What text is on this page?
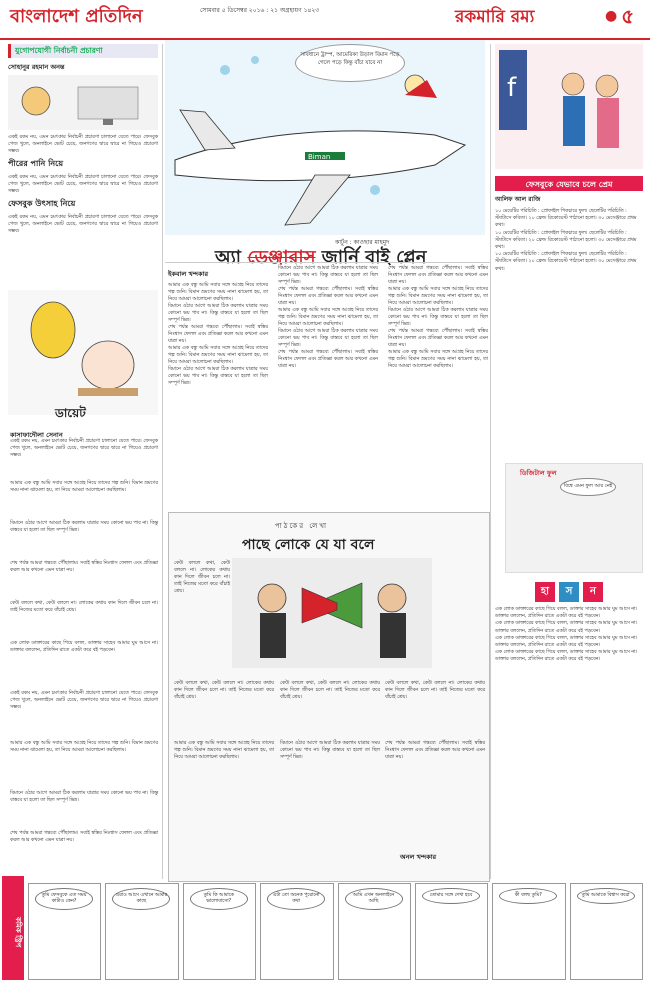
বাংলাদেশ প্রতিদিন	সোমবার ৫ ডিসেম্বর ২০১৬ : ২১ অগ্রহায়ণ ১৪২৩	রকমারি রম্য	● ৫
যুগোপযোগী নির্বাচনী প্রচারণা
সোহানুর রহমান অনন্ত
একই রকম নয়, এমন চমৎকার নির্বাচনী প্রচারণা চালানো যেতে পারে। ফেসবুক পেজ খুলে, অনলাইনে ভোট চেয়ে, জনগণের দ্বারে দ্বারে না গিয়েও প্রচারণা সম্ভব।
পীরের পানি নিয়ে
একই রকম নয়, এমন চমৎকার নির্বাচনী প্রচারণা চালানো যেতে পারে। ফেসবুক পেজ খুলে, অনলাইনে ভোট চেয়ে, জনগণের দ্বারে দ্বারে না গিয়েও প্রচারণা সম্ভব।
ফেসবুক উৎসাহ নিয়ে
একই রকম নয়, এমন চমৎকার নির্বাচনী প্রচারণা চালানো যেতে পারে। ফেসবুক পেজ খুলে, অনলাইনে ভোট চেয়ে, জনগণের দ্বারে দ্বারে না গিয়েও প্রচারণা সম্ভব।
ডায়েট
কাসাফাদৌলা সেনান
একই রকম নয়, এমন চমৎকার নির্বাচনী প্রচারণা চালানো যেতে পারে। ফেসবুক পেজ খুলে, অনলাইনে ভোট চেয়ে, জনগণের দ্বারে দ্বারে না গিয়েও প্রচারণা সম্ভব।
আমার এক বন্ধু আমি সবার সঙ্গে আগ্রহ নিয়ে তাদের গল্প শুনি। বিমান ভ্রমণের সময় নানা ঝামেলা হয়, তা নিয়ে আমরা আলোচনা করছিলাম।
বিমানে ওঠার আগে আমরা ঠিক করলাম যাত্রার সময় কোনো ভয় পাব না। কিন্তু বাস্তবে যা হলো তা ছিল সম্পূর্ণ ভিন্ন।
শেষ পর্যন্ত আমরা গন্তব্যে পৌঁছালাম। সবাই স্বস্তির নিঃশ্বাস ফেলল এবং প্রতিজ্ঞা করল আর কখনো এমন যাত্রা নয়।
কেউ বললে কথা, কেউ বললে না। লোকের কথায় কান দিলে জীবন চলে না। তাই নিজের মতো করে বাঁচাই শ্রেয়।
এক লোক ডাক্তারের কাছে গিয়ে বলল, ডাক্তার সাহেব আমার ঘুম আসে না। ডাক্তার বললেন, প্রতিদিন রাতে একটা করে বই পড়বেন।
একই রকম নয়, এমন চমৎকার নির্বাচনী প্রচারণা চালানো যেতে পারে। ফেসবুক পেজ খুলে, অনলাইনে ভোট চেয়ে, জনগণের দ্বারে দ্বারে না গিয়েও প্রচারণা সম্ভব।
আমার এক বন্ধু আমি সবার সঙ্গে আগ্রহ নিয়ে তাদের গল্প শুনি। বিমান ভ্রমণের সময় নানা ঝামেলা হয়, তা নিয়ে আমরা আলোচনা করছিলাম।
বিমানে ওঠার আগে আমরা ঠিক করলাম যাত্রার সময় কোনো ভয় পাব না। কিন্তু বাস্তবে যা হলো তা ছিল সম্পূর্ণ ভিন্ন।
শেষ পর্যন্ত আমরা গন্তব্যে পৌঁছালাম। সবাই স্বস্তির নিঃশ্বাস ফেলল এবং প্রতিজ্ঞা করল আর কখনো এমন যাত্রা নয়।
Biman
সাবধানে ট্রাম্প, আমেরিকা উড়াল বিমান পড়ে গেলে পড়ে কিন্তু বাঁচা যাবে না
কার্টুন : কাওছার মাহমুদ
অ্যা ডেঞ্জারাস জার্নি বাই প্লেন
ইকবাল খন্দকার
আমার এক বন্ধু আমি সবার সঙ্গে আগ্রহ নিয়ে তাদের গল্প শুনি। বিমান ভ্রমণের সময় নানা ঝামেলা হয়, তা নিয়ে আমরা আলোচনা করছিলাম।
বিমানে ওঠার আগে আমরা ঠিক করলাম যাত্রার সময় কোনো ভয় পাব না। কিন্তু বাস্তবে যা হলো তা ছিল সম্পূর্ণ ভিন্ন।
শেষ পর্যন্ত আমরা গন্তব্যে পৌঁছালাম। সবাই স্বস্তির নিঃশ্বাস ফেলল এবং প্রতিজ্ঞা করল আর কখনো এমন যাত্রা নয়।
আমার এক বন্ধু আমি সবার সঙ্গে আগ্রহ নিয়ে তাদের গল্প শুনি। বিমান ভ্রমণের সময় নানা ঝামেলা হয়, তা নিয়ে আমরা আলোচনা করছিলাম।
বিমানে ওঠার আগে আমরা ঠিক করলাম যাত্রার সময় কোনো ভয় পাব না। কিন্তু বাস্তবে যা হলো তা ছিল সম্পূর্ণ ভিন্ন।
বিমানে ওঠার আগে আমরা ঠিক করলাম যাত্রার সময় কোনো ভয় পাব না। কিন্তু বাস্তবে যা হলো তা ছিল সম্পূর্ণ ভিন্ন।
শেষ পর্যন্ত আমরা গন্তব্যে পৌঁছালাম। সবাই স্বস্তির নিঃশ্বাস ফেলল এবং প্রতিজ্ঞা করল আর কখনো এমন যাত্রা নয়।
আমার এক বন্ধু আমি সবার সঙ্গে আগ্রহ নিয়ে তাদের গল্প শুনি। বিমান ভ্রমণের সময় নানা ঝামেলা হয়, তা নিয়ে আমরা আলোচনা করছিলাম।
বিমানে ওঠার আগে আমরা ঠিক করলাম যাত্রার সময় কোনো ভয় পাব না। কিন্তু বাস্তবে যা হলো তা ছিল সম্পূর্ণ ভিন্ন।
শেষ পর্যন্ত আমরা গন্তব্যে পৌঁছালাম। সবাই স্বস্তির নিঃশ্বাস ফেলল এবং প্রতিজ্ঞা করল আর কখনো এমন যাত্রা নয়।
শেষ পর্যন্ত আমরা গন্তব্যে পৌঁছালাম। সবাই স্বস্তির নিঃশ্বাস ফেলল এবং প্রতিজ্ঞা করল আর কখনো এমন যাত্রা নয়।
আমার এক বন্ধু আমি সবার সঙ্গে আগ্রহ নিয়ে তাদের গল্প শুনি। বিমান ভ্রমণের সময় নানা ঝামেলা হয়, তা নিয়ে আমরা আলোচনা করছিলাম।
বিমানে ওঠার আগে আমরা ঠিক করলাম যাত্রার সময় কোনো ভয় পাব না। কিন্তু বাস্তবে যা হলো তা ছিল সম্পূর্ণ ভিন্ন।
শেষ পর্যন্ত আমরা গন্তব্যে পৌঁছালাম। সবাই স্বস্তির নিঃশ্বাস ফেলল এবং প্রতিজ্ঞা করল আর কখনো এমন যাত্রা নয়।
আমার এক বন্ধু আমি সবার সঙ্গে আগ্রহ নিয়ে তাদের গল্প শুনি। বিমান ভ্রমণের সময় নানা ঝামেলা হয়, তা নিয়ে আমরা আলোচনা করছিলাম।
পাঠকের লেখা
পাছে লোকে যে যা বলে
কেউ বললে কথা, কেউ বললে না। লোকের কথায় কান দিলে জীবন চলে না। তাই নিজের মতো করে বাঁচাই শ্রেয়।
কেউ বললে কথা, কেউ বললে না। লোকের কথায় কান দিলে জীবন চলে না। তাই নিজের মতো করে বাঁচাই শ্রেয়।
কেউ বললে কথা, কেউ বললে না। লোকের কথায় কান দিলে জীবন চলে না। তাই নিজের মতো করে বাঁচাই শ্রেয়।
কেউ বললে কথা, কেউ বললে না। লোকের কথায় কান দিলে জীবন চলে না। তাই নিজের মতো করে বাঁচাই শ্রেয়।
আমার এক বন্ধু আমি সবার সঙ্গে আগ্রহ নিয়ে তাদের গল্প শুনি। বিমান ভ্রমণের সময় নানা ঝামেলা হয়, তা নিয়ে আমরা আলোচনা করছিলাম।
বিমানে ওঠার আগে আমরা ঠিক করলাম যাত্রার সময় কোনো ভয় পাব না। কিন্তু বাস্তবে যা হলো তা ছিল সম্পূর্ণ ভিন্ন।
শেষ পর্যন্ত আমরা গন্তব্যে পৌঁছালাম। সবাই স্বস্তির নিঃশ্বাস ফেলল এবং প্রতিজ্ঞা করল আর কখনো এমন যাত্রা নয়।
অনল খন্দকার
f
ফেসবুকে যেভাবে চলে প্রেম
আলিফ আল রাজি
১০ মেয়েটির পরিচিতি : প্রোফাইল পিকচারে ফুল। ছেলেটির পরিচিতি : স্ট্যাটাসে কবিতা। ২০ ফ্রেন্ড রিকোয়েস্ট পাঠানো হলো। ৩০ মেসেঞ্জারে প্রথম কথা।
১০ মেয়েটির পরিচিতি : প্রোফাইল পিকচারে ফুল। ছেলেটির পরিচিতি : স্ট্যাটাসে কবিতা। ২০ ফ্রেন্ড রিকোয়েস্ট পাঠানো হলো। ৩০ মেসেঞ্জারে প্রথম কথা।
১০ মেয়েটির পরিচিতি : প্রোফাইল পিকচারে ফুল। ছেলেটির পরিচিতি : স্ট্যাটাসে কবিতা। ২০ ফ্রেন্ড রিকোয়েস্ট পাঠানো হলো। ৩০ মেসেঞ্জারে প্রথম কথা।
ডিজিটাল ফুল
বিশ্বে এমন ফুল আর নেই
হা	স	ন
এক লোক ডাক্তারের কাছে গিয়ে বলল, ডাক্তার সাহেব আমার ঘুম আসে না। ডাক্তার বললেন, প্রতিদিন রাতে একটা করে বই পড়বেন।
এক লোক ডাক্তারের কাছে গিয়ে বলল, ডাক্তার সাহেব আমার ঘুম আসে না। ডাক্তার বললেন, প্রতিদিন রাতে একটা করে বই পড়বেন।
এক লোক ডাক্তারের কাছে গিয়ে বলল, ডাক্তার সাহেব আমার ঘুম আসে না। ডাক্তার বললেন, প্রতিদিন রাতে একটা করে বই পড়বেন।
এক লোক ডাক্তারের কাছে গিয়ে বলল, ডাক্তার সাহেব আমার ঘুম আসে না। ডাক্তার বললেন, প্রতিদিন রাতে একটা করে বই পড়বেন।
কমিক স্ট্রিপ
তুমি ফেসবুকে এত সময় কাটাও কেন?
ওরাও আসে এখানে আমার কাছে
তুমি কি আমাকে ভালোবাসো?
এটা তো অনেক পুরোনো কথা
আমি এখন অনলাইনে আছি
তোমার সঙ্গে দেখা হবে	কী বলছ তুমি?	তুমি আমাকে বিশ্বাস করো
